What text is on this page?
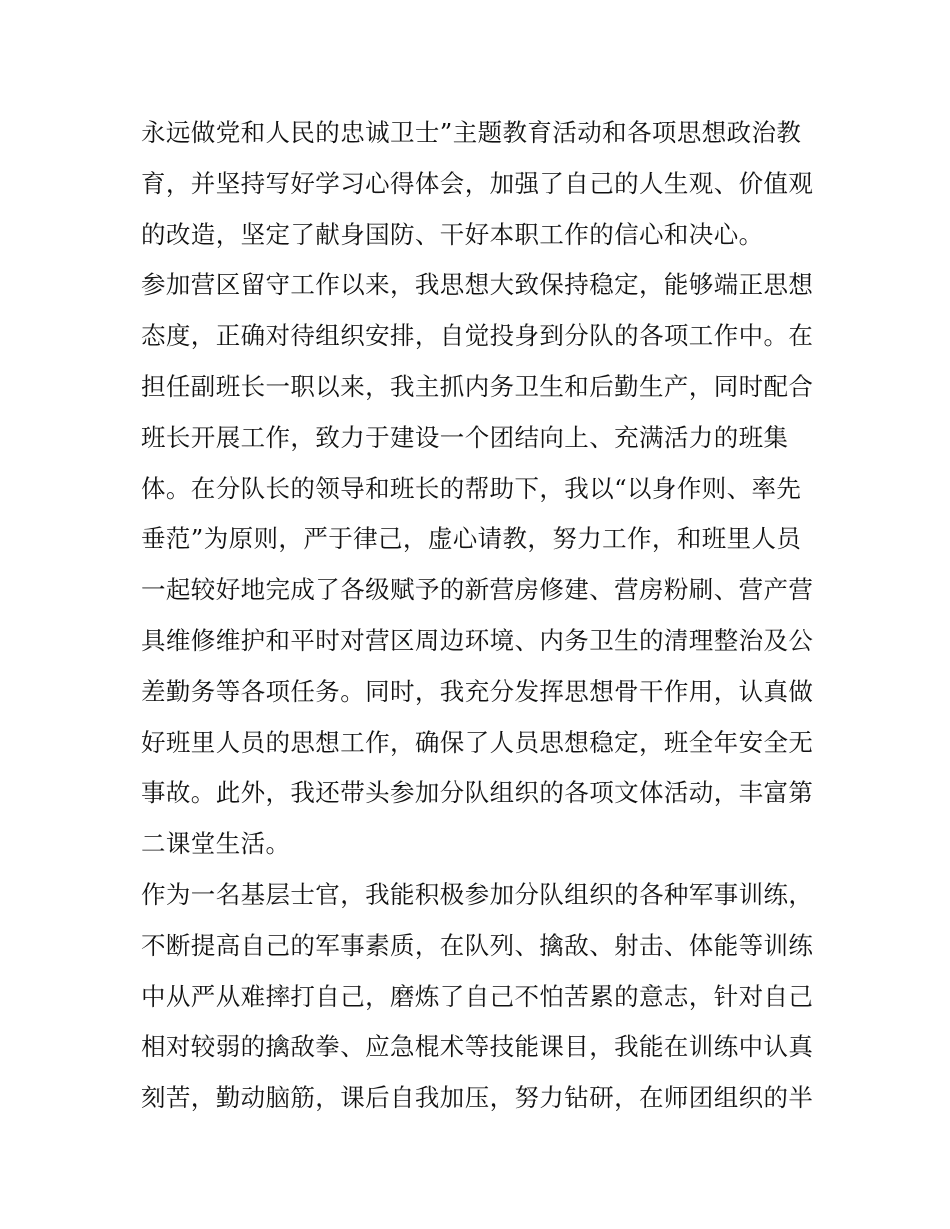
永远做党和人民的忠诚卫士”主题教育活动和各项思想政治教
育，并坚持写好学习心得体会，加强了自己的人生观、价值观
的改造，坚定了献身国防、干好本职工作的信心和决心。
参加营区留守工作以来，我思想大致保持稳定，能够端正思想
态度，正确对待组织安排，自觉投身到分队的各项工作中。在
担任副班长一职以来，我主抓内务卫生和后勤生产，同时配合
班长开展工作，致力于建设一个团结向上、充满活力的班集
体。在分队长的领导和班长的帮助下，我以“以身作则、率先
垂范”为原则，严于律己，虚心请教，努力工作，和班里人员
一起较好地完成了各级赋予的新营房修建、营房粉刷、营产营
具维修维护和平时对营区周边环境、内务卫生的清理整治及公
差勤务等各项任务。同时，我充分发挥思想骨干作用，认真做
好班里人员的思想工作，确保了人员思想稳定，班全年安全无
事故。此外，我还带头参加分队组织的各项文体活动，丰富第
二课堂生活。
作为一名基层士官，我能积极参加分队组织的各种军事训练，
不断提高自己的军事素质，在队列、擒敌、射击、体能等训练
中从严从难摔打自己，磨炼了自己不怕苦累的意志，针对自己
相对较弱的擒敌拳、应急棍术等技能课目，我能在训练中认真
刻苦，勤动脑筋，课后自我加压，努力钻研，在师团组织的半
